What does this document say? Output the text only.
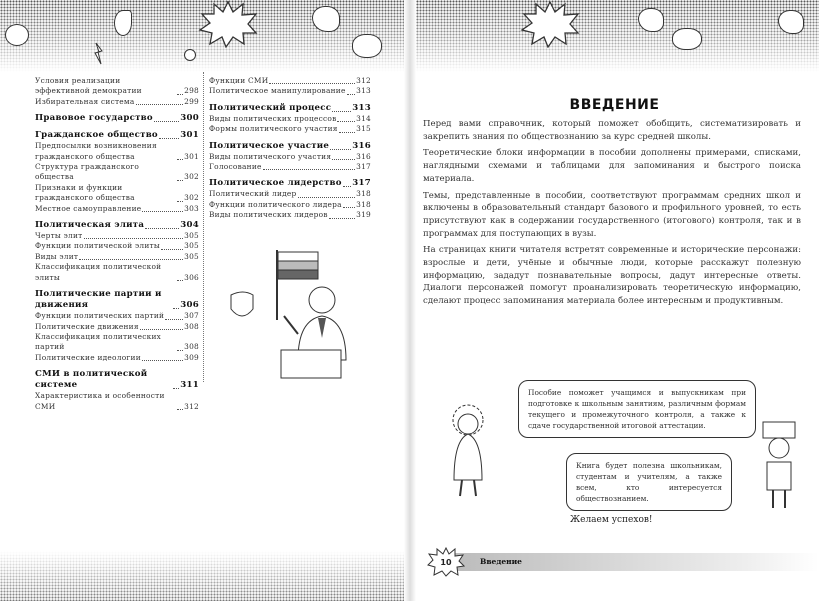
Условия реализации эффективной демократии	298
Избирательная система	299
Правовое государство	300
Гражданское общество	301
Предпосылки возникновения гражданского общества	301
Структура гражданского общества	302
Признаки и функции гражданского общества	302
Местное самоуправление	303
Политическая элита	304
Черты элит	305
Функции политической элиты	305
Виды элит	305
Классификация политической элиты	306
Политические партии и движения	306
Функции политических партий	307
Политические движения	308
Классификация политических партий	308
Политические идеологии	309
СМИ в политической системе	311
Характеристика и особенности СМИ	312
Функции СМИ	312
Политическое манипулирование 313
Политический процесс 313
Виды политических процессов	314
Формы политического участия 315
Политическое участие	316
Виды политического участия	316
Голосование	317
Политическое лидерство 317
Политический лидер	318
Функции политического лидера 318
Виды политических лидеров	319
ВВЕДЕНИЕ

Перед вами справочник, который поможет обобщить, систематизировать и закрепить знания по обществознанию за курс средней школы.

Теоретические блоки информации в пособии дополнены примерами, списками, наглядными схемами и таблицами для запоминания и быстрого поиска материала.

Темы, представленные в пособии, соответствуют программам средних школ и включены в образовательный стандарт базового и профильного уровней, то есть присутствуют как в содержании государственного (итогового) контроля, так и в программах для поступающих в вузы.

На страницах книги читателя встретят современные и исторические персонажи: взрослые и дети, учёные и обычные люди, которые расскажут полезную информацию, зададут познавательные вопросы, дадут интересные ответы. Диалоги персонажей помогут проанализировать теоретическую информацию, сделают процесс запоминания материала более интересным и продуктивным.

Пособие поможет учащимся и выпускникам при подготовке к школьным занятиям, различным формам текущего и промежуточного контроля, а также к сдаче государственной итоговой аттестации.
Книга будет полезна школьникам, студентам и учителям, а также всем, кто интересуется обществознанием.
Желаем успехов!
Введение
10
